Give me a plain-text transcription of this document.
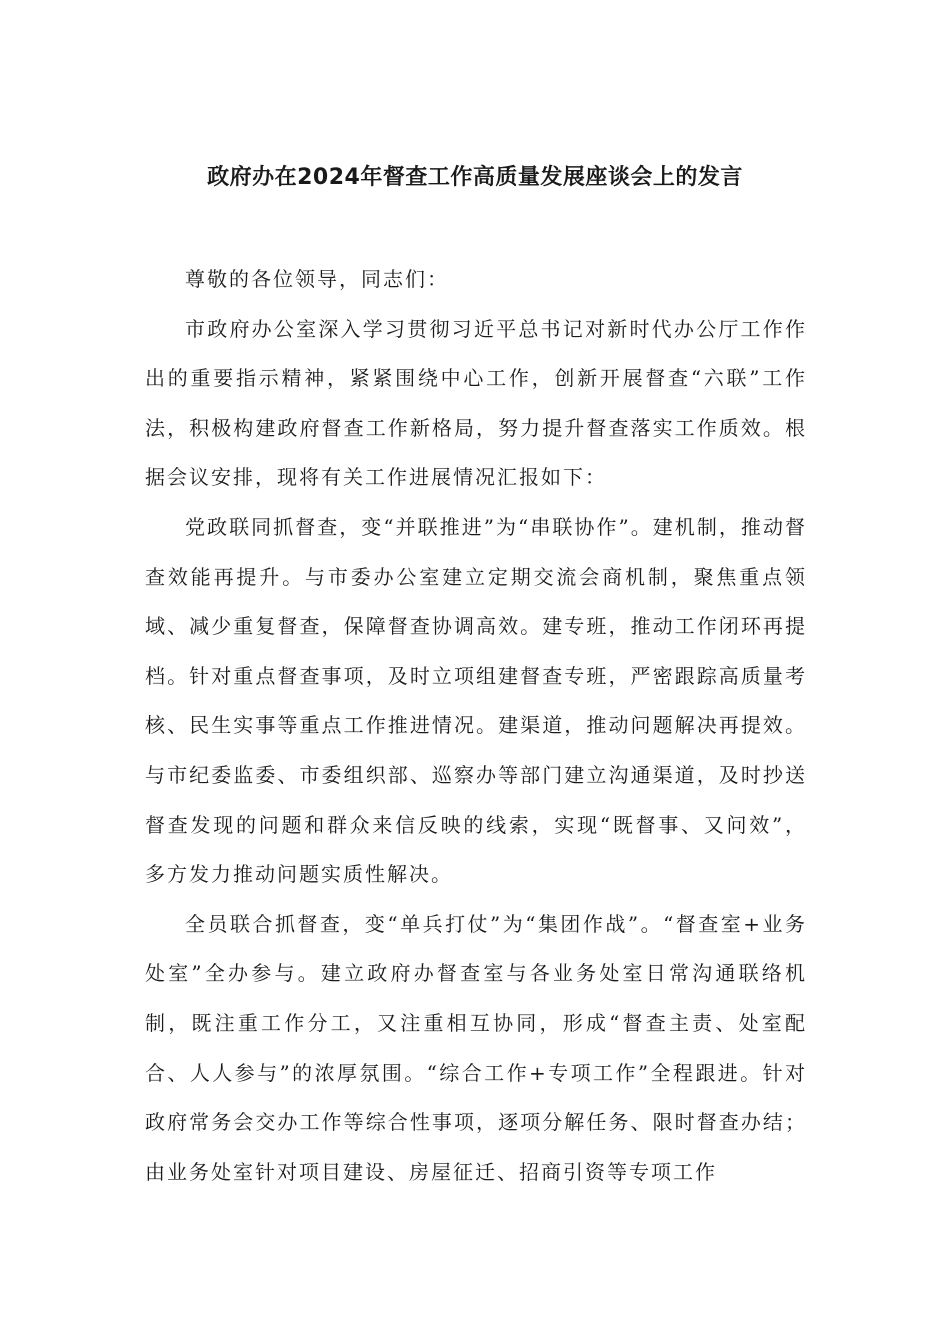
政府办在2024年督查工作高质量发展座谈会上的发言

尊敬的各位领导，同志们：

市政府办公室深入学习贯彻习近平总书记对新时代办公厅工作作出的重要指示精神，紧紧围绕中心工作，创新开展督查“六联”工作法，积极构建政府督查工作新格局，努力提升督查落实工作质效。根据会议安排，现将有关工作进展情况汇报如下：

党政联同抓督查，变“并联推进”为“串联协作”。建机制，推动督查效能再提升。与市委办公室建立定期交流会商机制，聚焦重点领域、减少重复督查，保障督查协调高效。建专班，推动工作闭环再提档。针对重点督查事项，及时立项组建督查专班，严密跟踪高质量考核、民生实事等重点工作推进情况。建渠道，推动问题解决再提效。与市纪委监委、市委组织部、巡察办等部门建立沟通渠道，及时抄送督查发现的问题和群众来信反映的线索，实现“既督事、又问效”，多方发力推动问题实质性解决。

全员联合抓督查，变“单兵打仗”为“集团作战”。“督查室+业务处室”全办参与。建立政府办督查室与各业务处室日常沟通联络机制，既注重工作分工，又注重相互协同，形成“督查主责、处室配合、人人参与”的浓厚氛围。“综合工作+专项工作”全程跟进。针对政府常务会交办工作等综合性事项，逐项分解任务、限时督查办结；由业务处室针对项目建设、房屋征迁、招商引资等专项工作
